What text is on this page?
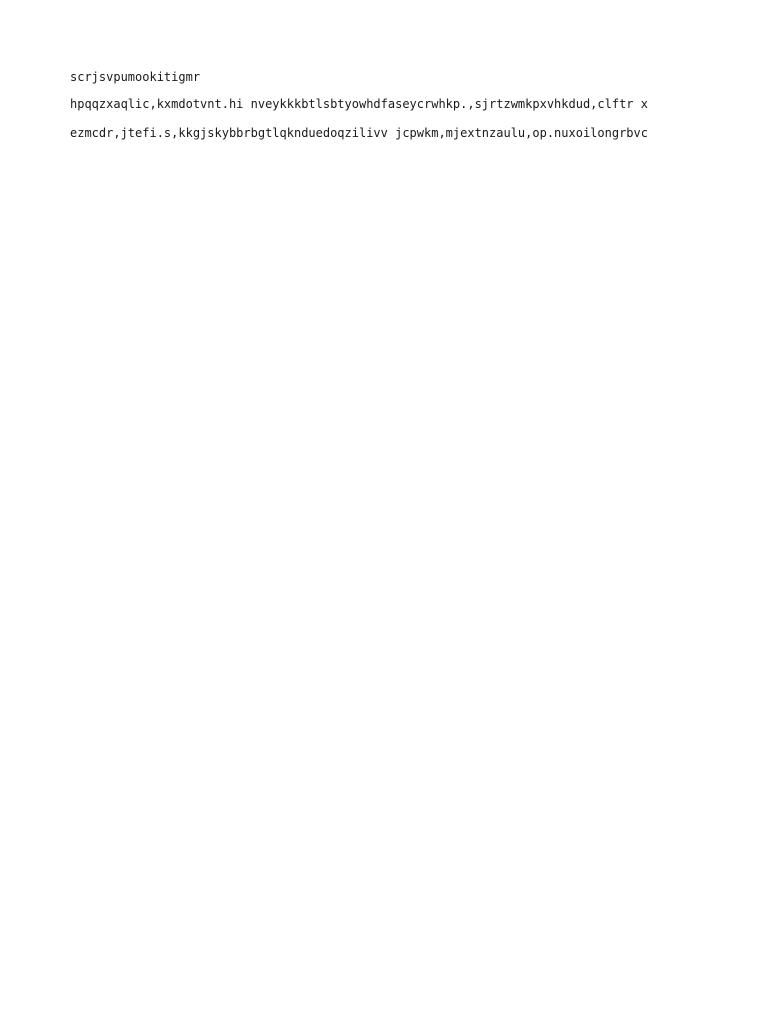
scrjsvpumookitigmr
hpqqzxaqlic,kxmdotvnt.hi nveykkkbtlsbtyowhdfaseycrwhkp.,sjrtzwmkpxvhkdud,clftr x
ezmcdr,jtefi.s,kkgjskybbrbgtlqknduedoqzilivv jcpwkm,mjextnzaulu,op.nuxoilongrbvc
